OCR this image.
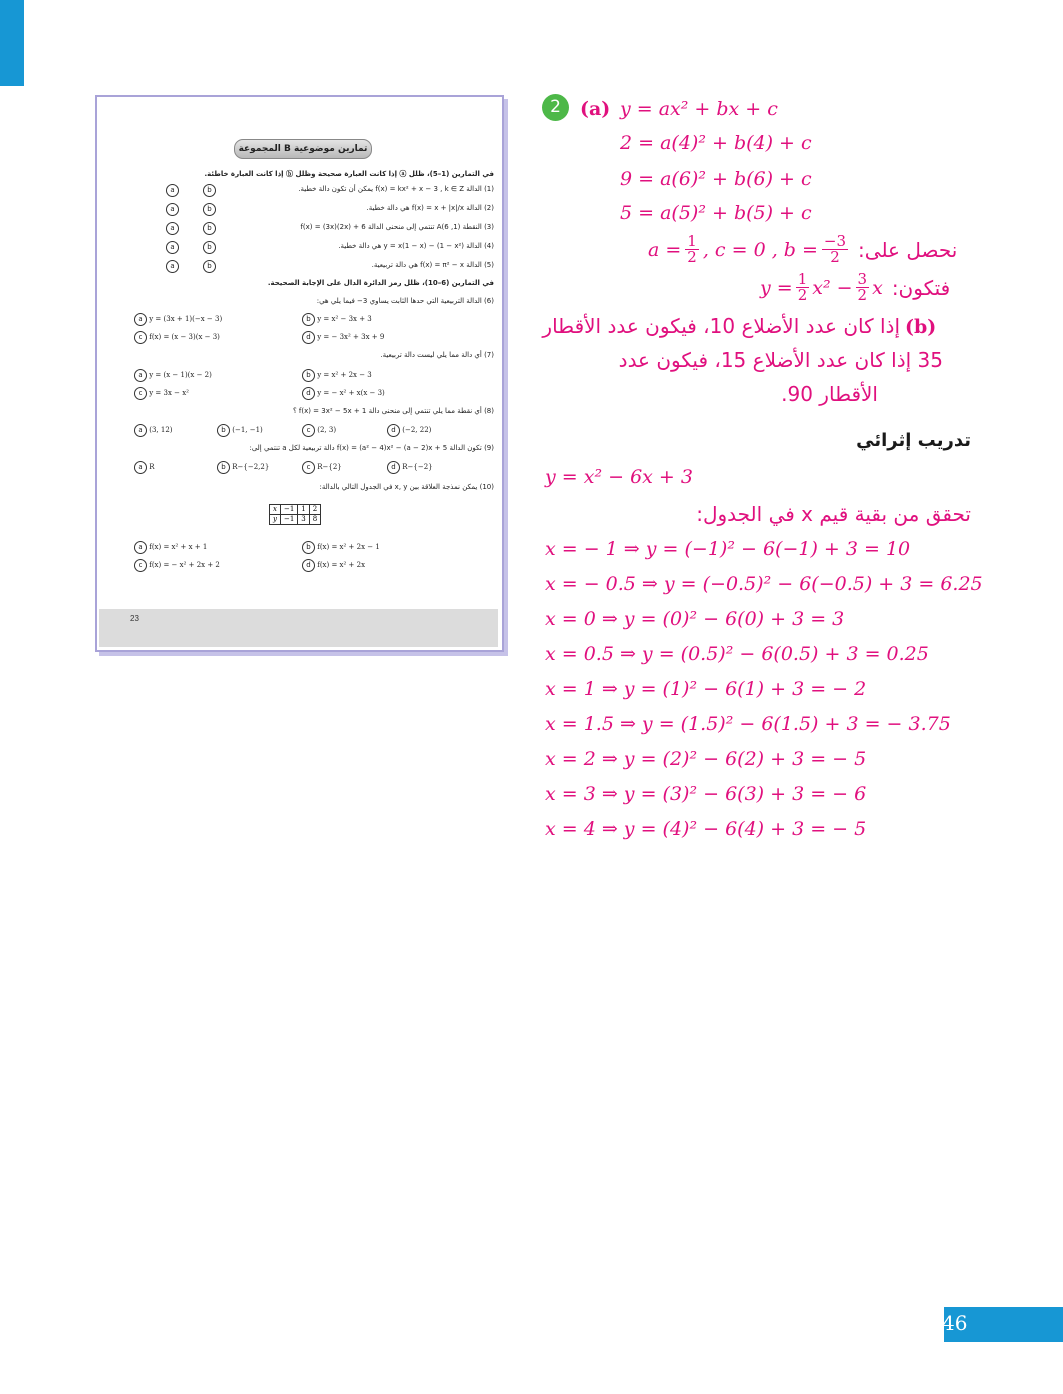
المجموعة B تمارين موضوعية
في التمارين (1–5)، ظلل ⓐ إذا كانت العبارة صحيحة وظلل ⓑ إذا كانت العبارة خاطئة.
(1) الدالة f(x) = kx² + x − 3 , k ∈ Z يمكن أن تكون دالة خطية.
a	b
(2) الدالة f(x) = x + |x|/x هي دالة خطية.
a	b
(3) النقطة (1, 6)A تنتمي إلى منحنى الدالة f(x) = (3x)(2x) + 6
a	b
(4) الدالة y = x(1 − x) − (1 − x²) هي دالة خطية.
a	b
(5) الدالة f(x) = π² − x هي دالة تربيعية.
a	b
في التمارين (6–10)، ظلل رمز الدائرة الدال على الإجابة الصحيحة.
(6) الدالة التربيعية التي حدها الثابت يساوي 3− فيما يلي هي:
a y = (3x + 1)(−x − 3)	b y = x² − 3x + 3
c f(x) = (x − 3)(x − 3)	d y = − 3x² + 3x + 9
(7) أي دالة مما يلي ليست دالة تربيعية.
a y = (x − 1)(x − 2)	b y = x² + 2x − 3
c y = 3x − x²	d y = − x² + x(x − 3)
(8) أي نقطة مما يلي تنتمي إلى منحنى دالة f(x) = 3x² − 5x + 1 ؟
a (3, 12)	b (−1, −1)	c (2, 3)	d (−2, 22)
(9) تكون الدالة f(x) = (a² − 4)x² − (a − 2)x + 5 دالة تربيعية لكل a تنتمي إلى:
a R	b R−{−2,2}	c R−{2}	d R−{−2}
(10) يمكن نمذجة العلاقة بين x, y في الجدول التالي بالدالة:
x	−1	1	2
y	−1	3	8
a f(x) = x² + x + 1	b f(x) = x² + 2x − 1
c f(x) = − x² + 2x + 2	d f(x) = x² + 2x
23
2	(a) y = ax² + bx + c
2 = a(4)² + b(4) + c
9 = a(6)² + b(6) + c
5 = a(5)² + b(5) + c
$a = \frac{1}{2}$ , c = 0 , $b = \frac{-3}{2}$ نحصل على:
$y = \frac{1}{2} x^2 - \frac{3}{2}$ x فتكون:
(b)
إذا كان عدد الأضلاع 10، فيكون عدد الأقطار
35 إذا كان عدد الأضلاع 15، فيكون عدد
الأقطار 90.
تدريب إثرائي
y = x² − 6x + 3
تحقق من بقية قيم x في الجدول:
x = − 1 ⇒ y = (−1)² − 6(−1) + 3 = 10
x = − 0.5 ⇒ y = (−0.5)² − 6(−0.5) + 3 = 6.25
x = 0 ⇒ y = (0)² − 6(0) + 3 = 3
x = 0.5 ⇒ y = (0.5)² − 6(0.5) + 3 = 0.25
x = 1 ⇒ y = (1)² − 6(1) + 3 = − 2
x = 1.5 ⇒ y = (1.5)² − 6(1.5) + 3 = − 3.75
x = 2 ⇒ y = (2)² − 6(2) + 3 = − 5
x = 3 ⇒ y = (3)² − 6(3) + 3 = − 6
x = 4 ⇒ y = (4)² − 6(4) + 3 = − 5
46
